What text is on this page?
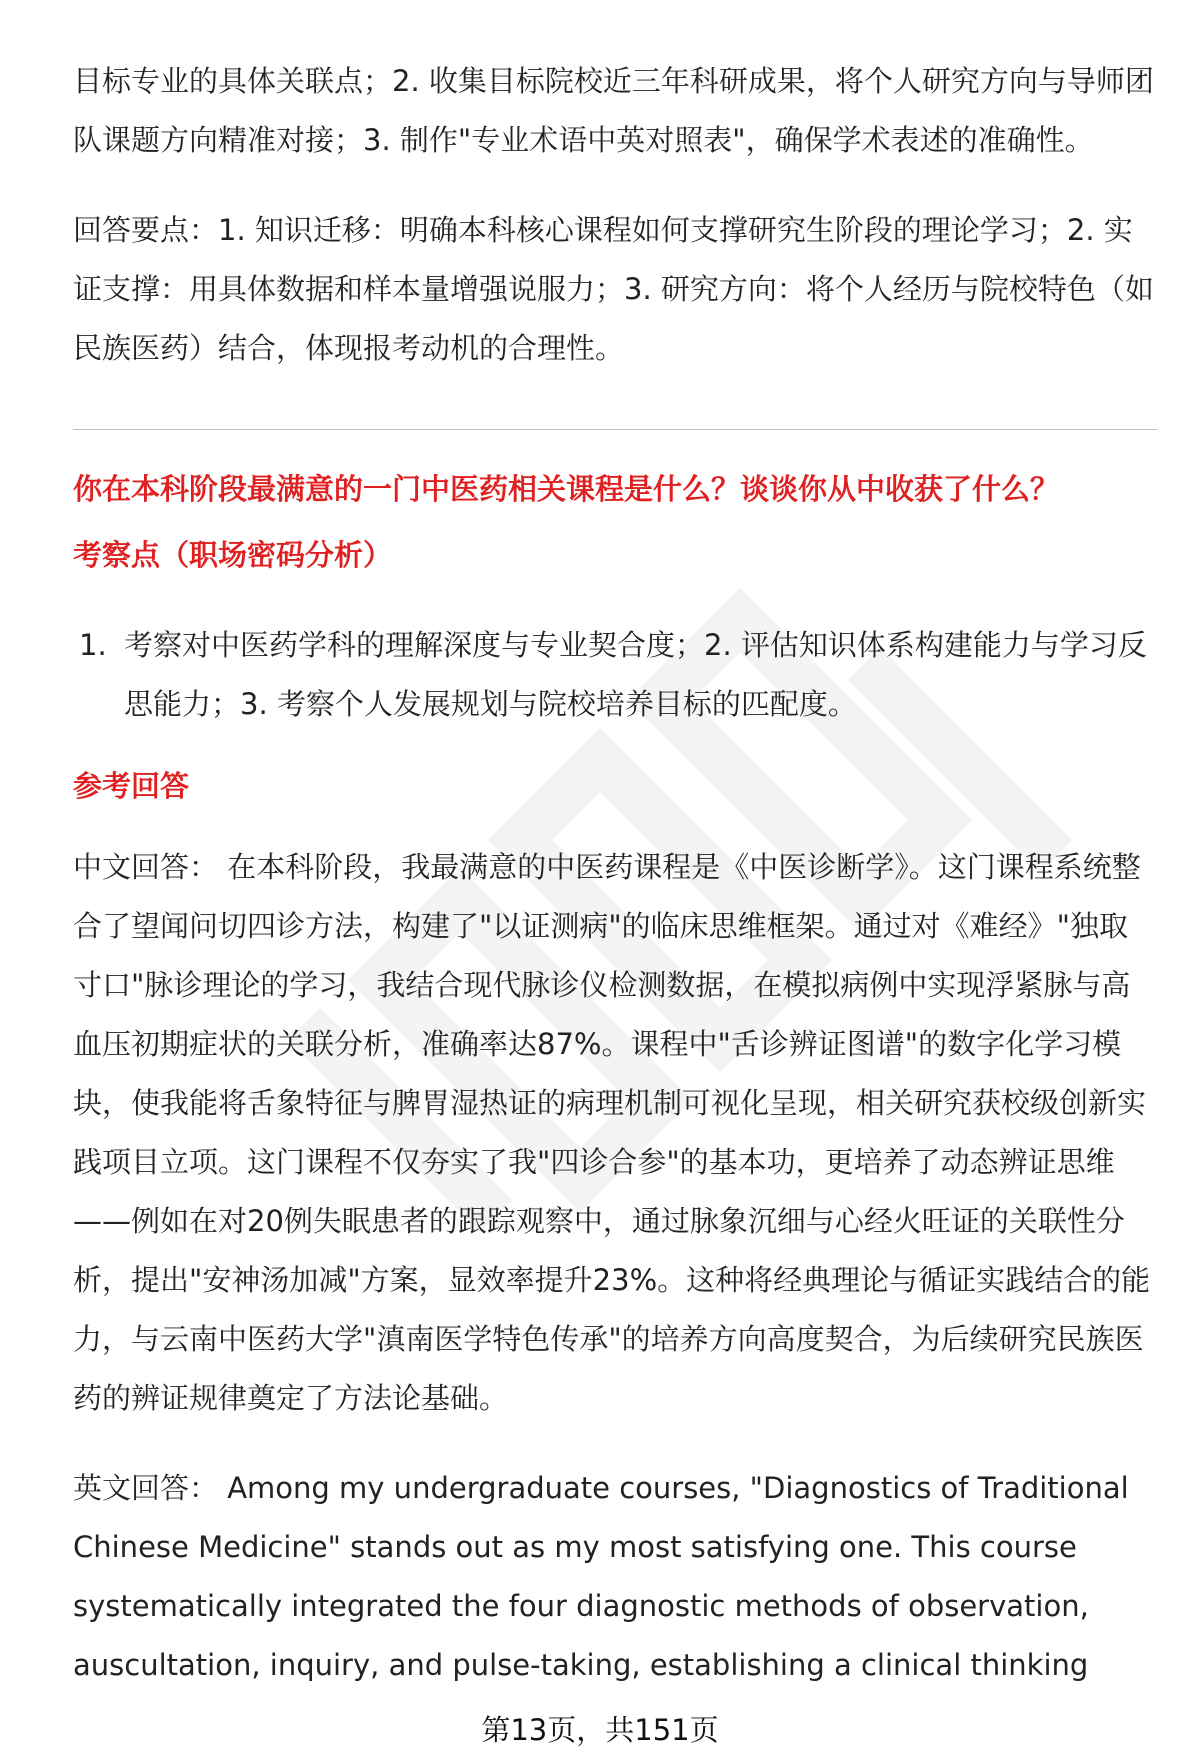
目标专业的具体关联点；2. 收集目标院校近三年科研成果，将个人研究方向与导师团队课题方向精准对接；3. 制作"专业术语中英对照表"，确保学术表述的准确性。

回答要点：1. 知识迁移：明确本科核心课程如何支撑研究生阶段的理论学习；2. 实证支撑：用具体数据和样本量增强说服力；3. 研究方向：将个人经历与院校特色（如民族医药）结合，体现报考动机的合理性。

你在本科阶段最满意的一门中医药相关课程是什么？谈谈你从中收获了什么？

考察点（职场密码分析）

1. 考察对中医药学科的理解深度与专业契合度；2. 评估知识体系构建能力与学习反思能力；3. 考察个人发展规划与院校培养目标的匹配度。

参考回答

中文回答： 在本科阶段，我最满意的中医药课程是《中医诊断学》。这门课程系统整合了望闻问切四诊方法，构建了"以证测病"的临床思维框架。通过对《难经》"独取寸口"脉诊理论的学习，我结合现代脉诊仪检测数据，在模拟病例中实现浮紧脉与高血压初期症状的关联分析，准确率达87%。课程中"舌诊辨证图谱"的数字化学习模块，使我能将舌象特征与脾胃湿热证的病理机制可视化呈现，相关研究获校级创新实践项目立项。这门课程不仅夯实了我"四诊合参"的基本功，更培养了动态辨证思维——例如在对20例失眠患者的跟踪观察中，通过脉象沉细与心经火旺证的关联性分析，提出"安神汤加减"方案，显效率提升23%。这种将经典理论与循证实践结合的能力，与云南中医药大学"滇南医学特色传承"的培养方向高度契合，为后续研究民族医药的辨证规律奠定了方法论基础。

英文回答： Among my undergraduate courses, "Diagnostics of Traditional Chinese Medicine" stands out as my most satisfying one. This course systematically integrated the four diagnostic methods of observation, auscultation, inquiry, and pulse-taking, establishing a clinical thinking

第13页，共151页
